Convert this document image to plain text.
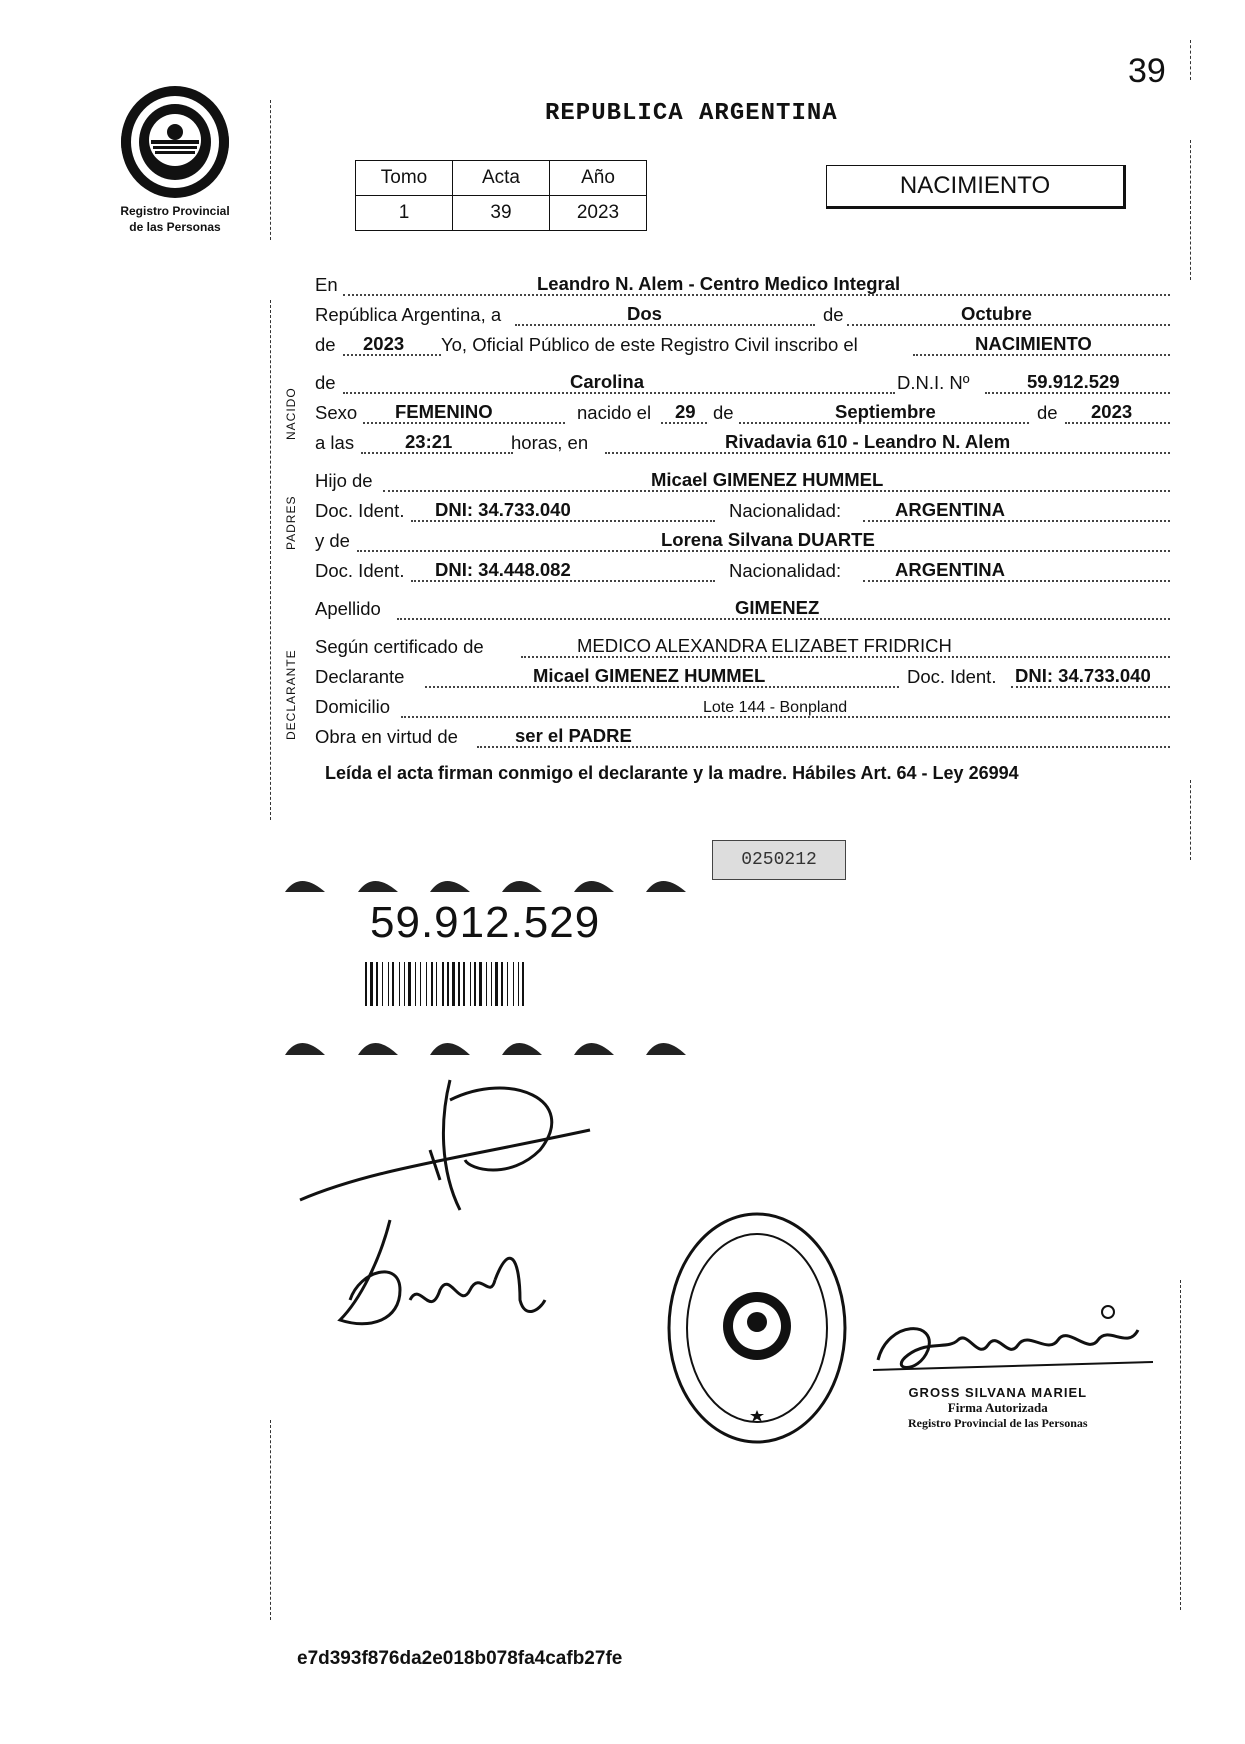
39
REPUBLICA ARGENTINA
Registro Provincial
de las Personas
Tomo	Acta	Año
1	39	2023
NACIMIENTO
NACIDO
PADRES
DECLARANTE
En	Leandro N. Alem - Centro Medico Integral
República Argentina, a	Dos	de	Octubre
de 2023 Yo, Oficial Público de este Registro Civil inscribo el	NACIMIENTO
de	Carolina	D.N.I. Nº	59.912.529
Sexo FEMENINO	nacido el 29 de	Septiembre	de 2023
a las	23:21	horas, en	Rivadavia 610 - Leandro N. Alem
Hijo de	Micael GIMENEZ HUMMEL
Doc. Ident. DNI: 34.733.040	Nacionalidad:	ARGENTINA
y de	Lorena Silvana DUARTE
Doc. Ident. DNI: 34.448.082	Nacionalidad:	ARGENTINA
Apellido	GIMENEZ
Según certificado de	MEDICO ALEXANDRA ELIZABET FRIDRICH
Declarante	Micael GIMENEZ HUMMEL	Doc. Ident. DNI: 34.733.040
Domicilio	Lote 144 - Bonpland
Obra en virtud de	ser el PADRE
Leída el acta firman conmigo el declarante y la madre. Hábiles Art. 64 - Ley 26994
0250212
59.912.529
GROSS SILVANA MARIEL
Firma Autorizada
Registro Provincial de las Personas
e7d393f876da2e018b078fa4cafb27fe
